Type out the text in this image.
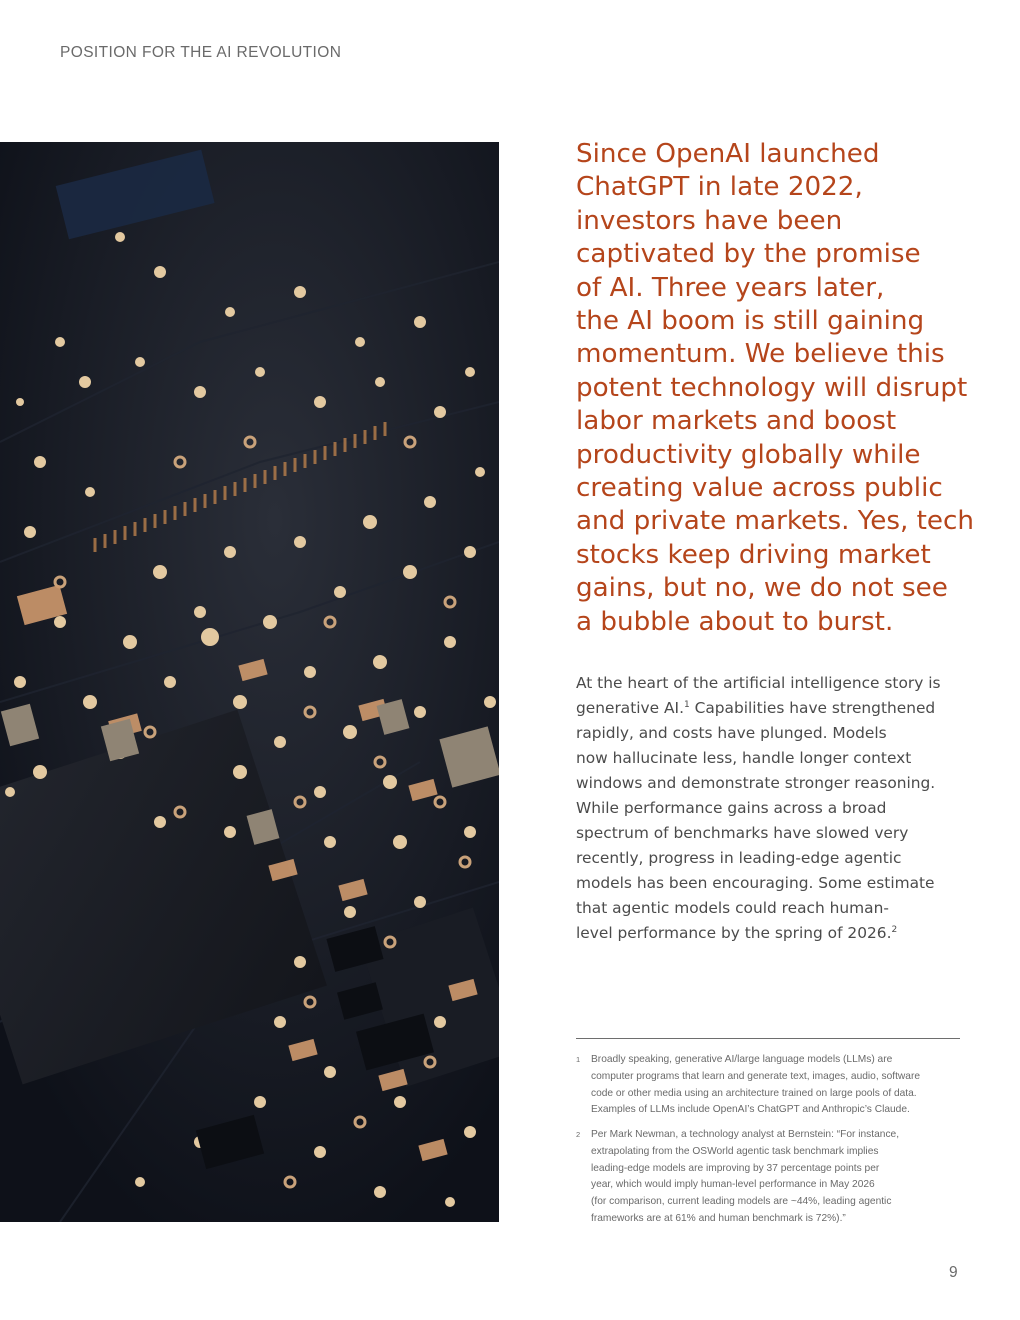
POSITION FOR THE AI REVOLUTION

Since OpenAI launched
ChatGPT in late 2022,
investors have been
captivated by the promise
of AI. Three years later,
the AI boom is still gaining
momentum. We believe this
potent technology will disrupt
labor markets and boost
productivity globally while
creating value across public
and private markets. Yes, tech
stocks keep driving market
gains, but no, we do not see
a bubble about to burst.

At the heart of the artificial intelligence story is
generative AI.$^1$ Capabilities have strengthened
rapidly, and costs have plunged. Models
now hallucinate less, handle longer context
windows and demonstrate stronger reasoning.
While performance gains across a broad
spectrum of benchmarks have slowed very
recently, progress in leading-edge agentic
models has been encouraging. Some estimate
that agentic models could reach human-
level performance by the spring of 2026.$^2$

1 Broadly speaking, generative AI/large language models (LLMs) are
computer programs that learn and generate text, images, audio, software
code or other media using an architecture trained on large pools of data.
Examples of LLMs include OpenAI’s ChatGPT and Anthropic’s Claude.
2 Per Mark Newman, a technology analyst at Bernstein: “For instance,
extrapolating from the OSWorld agentic task benchmark implies
leading-edge models are improving by 37 percentage points per
year, which would imply human-level performance in May 2026
(for comparison, current leading models are ~44%, leading agentic
frameworks are at 61% and human benchmark is 72%).”
9
